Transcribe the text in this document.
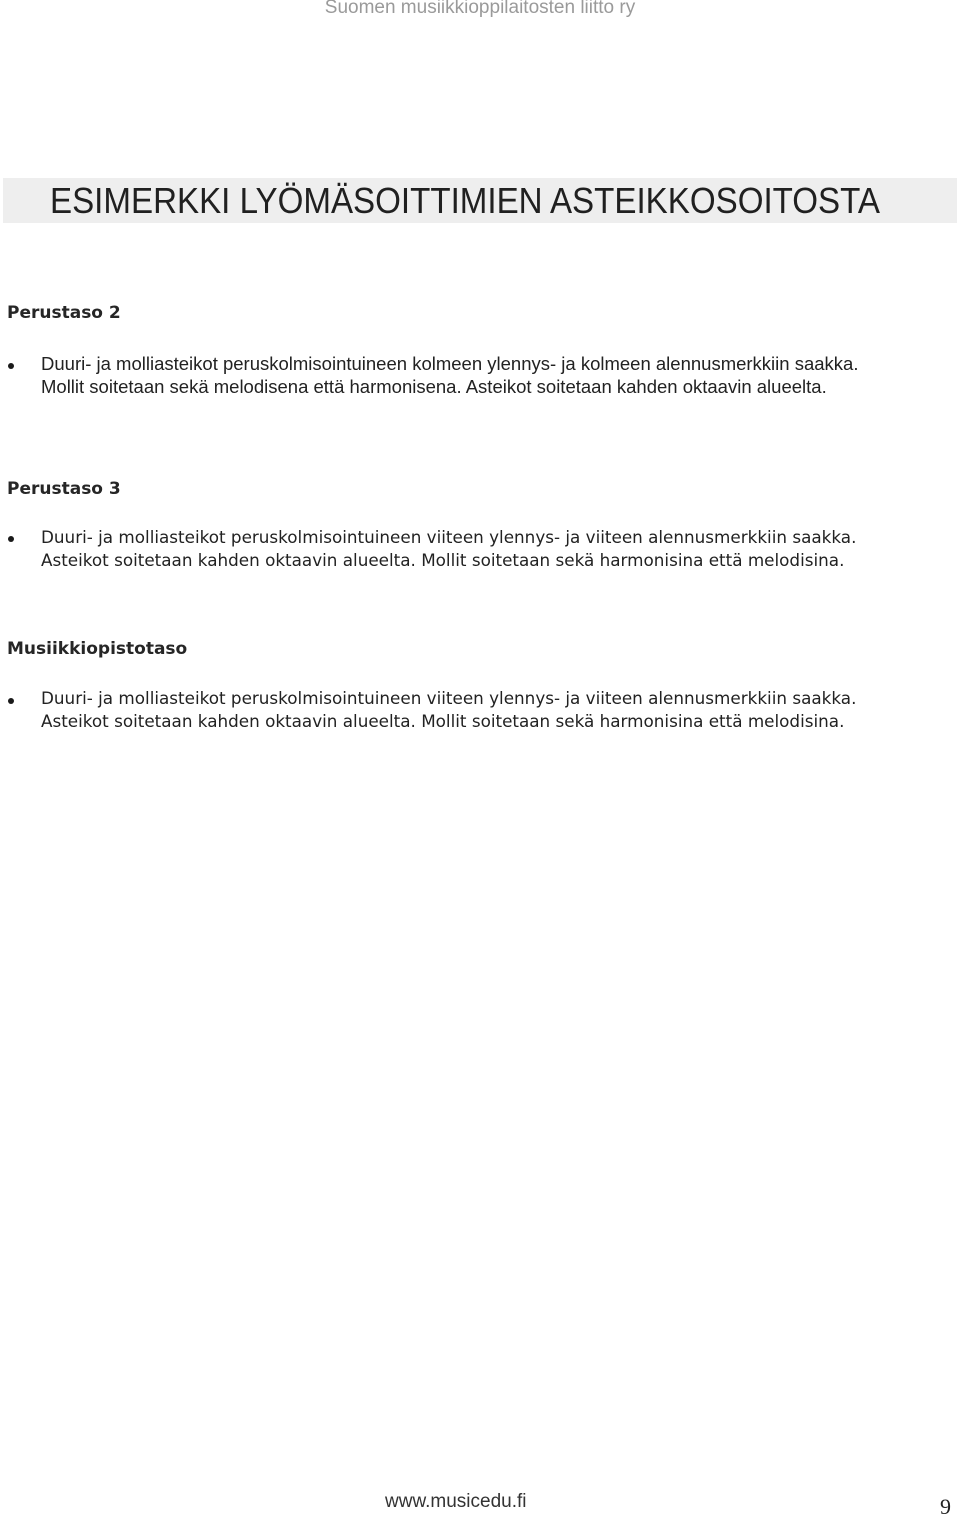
Suomen musiikkioppilaitosten liitto ry
ESIMERKKI LYÖMÄSOITTIMIEN ASTEIKKOSOITOSTA
Perustaso 2
Duuri- ja molliasteikot peruskolmisointuineen kolmeen ylennys- ja kolmeen alennusmerkkiin saakka.
Mollit soitetaan sekä melodisena että harmonisena. Asteikot soitetaan kahden oktaavin alueelta.
Perustaso 3
Duuri- ja molliasteikot peruskolmisointuineen viiteen ylennys- ja viiteen alennusmerkkiin saakka.
Asteikot soitetaan kahden oktaavin alueelta. Mollit soitetaan sekä harmonisina että melodisina.
Musiikkiopistotaso
Duuri- ja molliasteikot peruskolmisointuineen viiteen ylennys- ja viiteen alennusmerkkiin saakka.
Asteikot soitetaan kahden oktaavin alueelta. Mollit soitetaan sekä harmonisina että melodisina.
www.musicedu.fi	9
